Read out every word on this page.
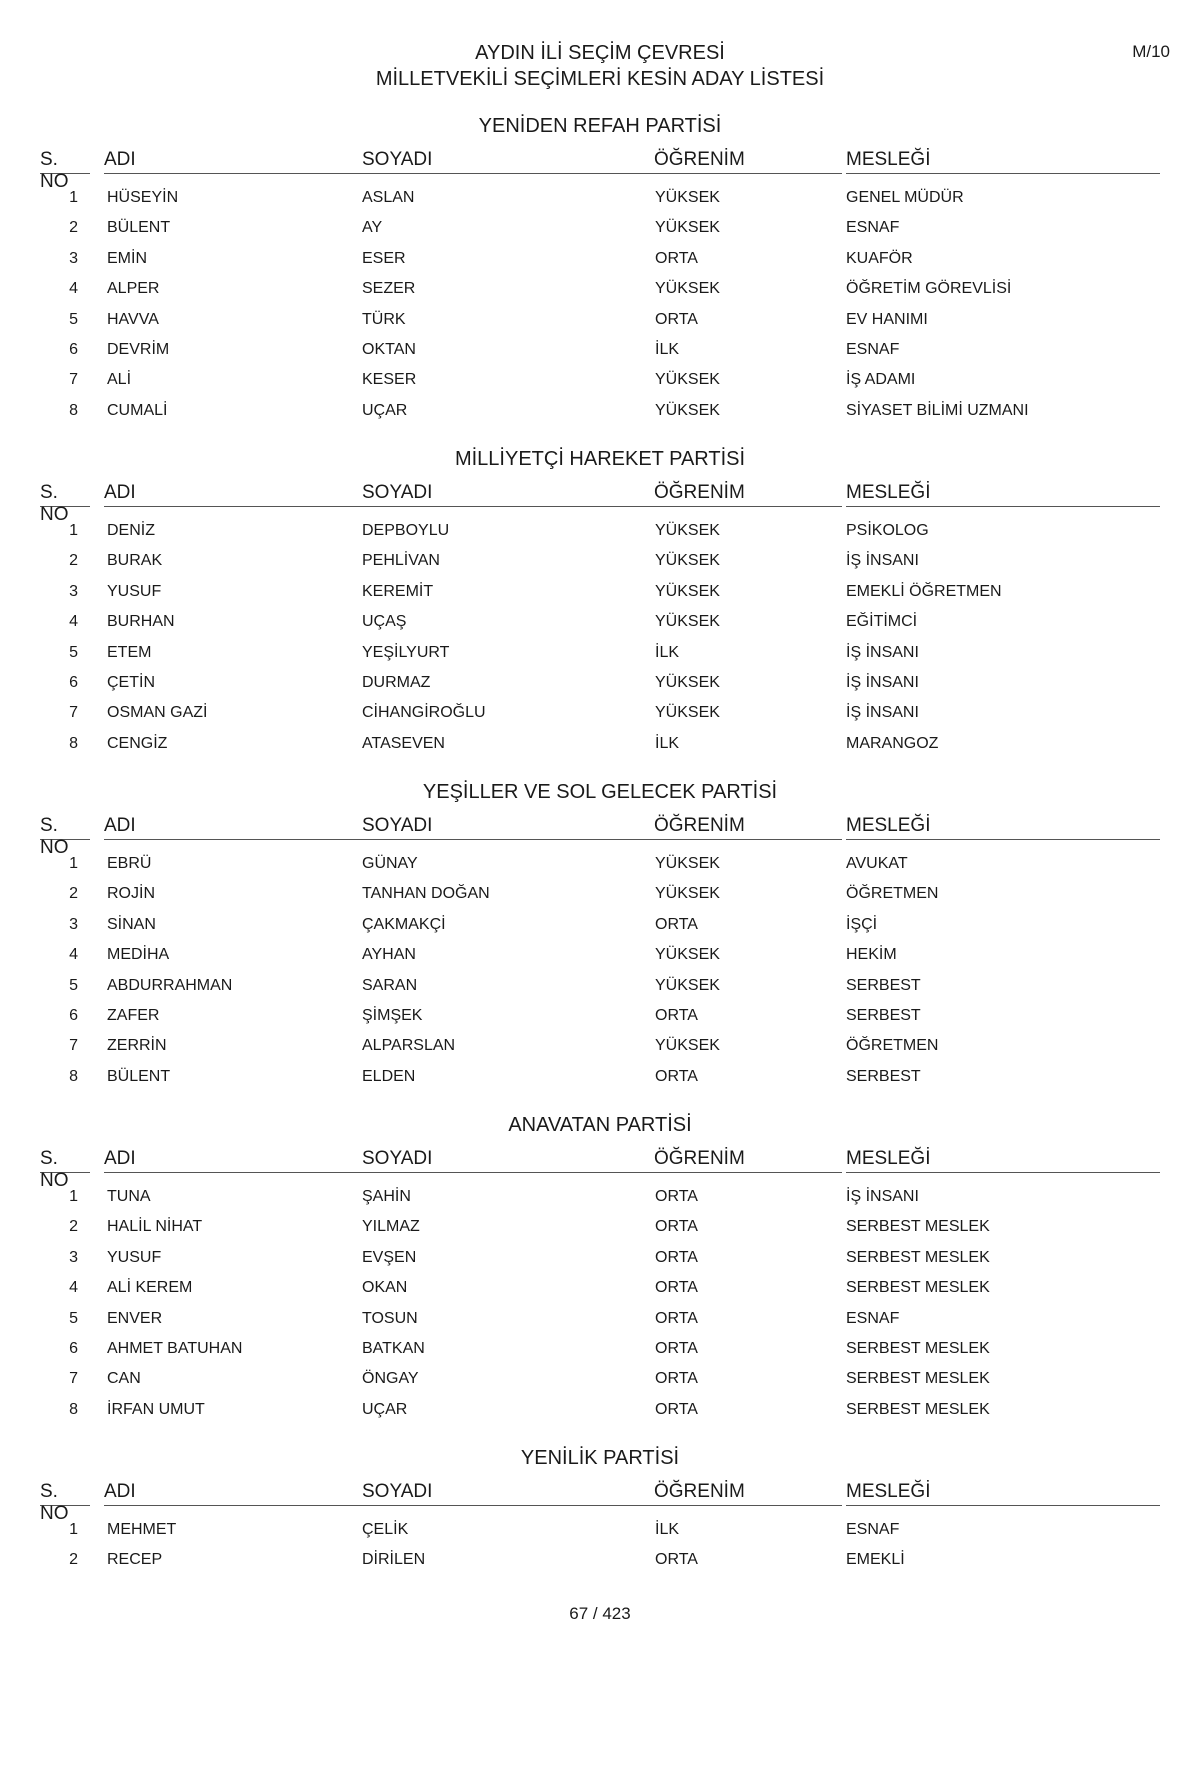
M/10
AYDIN İLİ SEÇİM ÇEVRESİ
MİLLETVEKİLİ SEÇİMLERİ KESİN ADAY LİSTESİ
YENİDEN REFAH PARTİSİ
S. NO
ADI	SOYADI	ÖĞRENİM	MESLEĞİ
1 HÜSEYİN	ASLAN	YÜKSEK	GENEL MÜDÜR
2 BÜLENT	AY	YÜKSEK	ESNAF
3 EMİN	ESER	ORTA	KUAFÖR
4 ALPER	SEZER	YÜKSEK	ÖĞRETİM GÖREVLİSİ
5 HAVVA	TÜRK	ORTA	EV HANIMI
6 DEVRİM	OKTAN	İLK	ESNAF
7 ALİ	KESER	YÜKSEK	İŞ ADAMI
8 CUMALİ	UÇAR	YÜKSEK	SİYASET BİLİMİ UZMANI
MİLLİYETÇİ HAREKET PARTİSİ
S. NO
ADI	SOYADI	ÖĞRENİM	MESLEĞİ
1 DENİZ	DEPBOYLU	YÜKSEK	PSİKOLOG
2 BURAK	PEHLİVAN	YÜKSEK	İŞ İNSANI
3 YUSUF	KEREMİT	YÜKSEK	EMEKLİ ÖĞRETMEN
4 BURHAN	UÇAŞ	YÜKSEK	EĞİTİMCİ
5 ETEM	YEŞİLYURT	İLK	İŞ İNSANI
6 ÇETİN	DURMAZ	YÜKSEK	İŞ İNSANI
7 OSMAN GAZİ	CİHANGİROĞLU	YÜKSEK	İŞ İNSANI
8 CENGİZ	ATASEVEN	İLK	MARANGOZ
YEŞİLLER VE SOL GELECEK PARTİSİ
S. NO
ADI	SOYADI	ÖĞRENİM	MESLEĞİ
1 EBRÜ	GÜNAY	YÜKSEK	AVUKAT
2 ROJİN	TANHAN DOĞAN	YÜKSEK	ÖĞRETMEN
3 SİNAN	ÇAKMAKÇİ	ORTA	İŞÇİ
4 MEDİHA	AYHAN	YÜKSEK	HEKİM
5 ABDURRAHMAN	SARAN	YÜKSEK	SERBEST
6 ZAFER	ŞİMŞEK	ORTA	SERBEST
7 ZERRİN	ALPARSLAN	YÜKSEK	ÖĞRETMEN
8 BÜLENT	ELDEN	ORTA	SERBEST
ANAVATAN PARTİSİ
S. NO
ADI	SOYADI	ÖĞRENİM	MESLEĞİ
1 TUNA	ŞAHİN	ORTA	İŞ İNSANI
2 HALİL NİHAT	YILMAZ	ORTA	SERBEST MESLEK
3 YUSUF	EVŞEN	ORTA	SERBEST MESLEK
4 ALİ KEREM	OKAN	ORTA	SERBEST MESLEK
5 ENVER	TOSUN	ORTA	ESNAF
6 AHMET BATUHAN	BATKAN	ORTA	SERBEST MESLEK
7 CAN	ÖNGAY	ORTA	SERBEST MESLEK
8 İRFAN UMUT	UÇAR	ORTA	SERBEST MESLEK
YENİLİK PARTİSİ
S. NO
ADI	SOYADI	ÖĞRENİM	MESLEĞİ
1 MEHMET	ÇELİK	İLK	ESNAF
2 RECEP	DİRİLEN	ORTA	EMEKLİ
67 / 423
